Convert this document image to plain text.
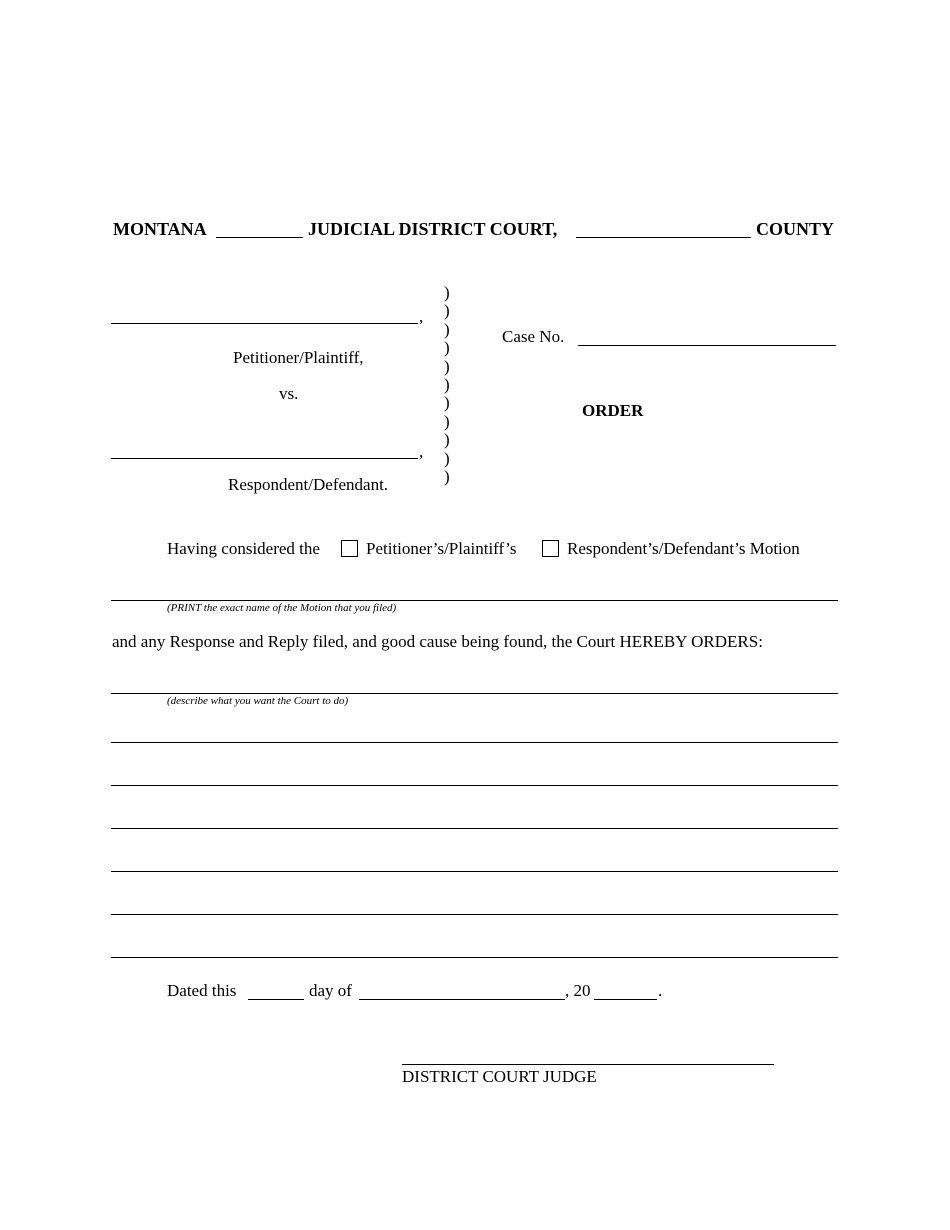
MONTANA	JUDICIAL DISTRICT COURT,	COUNTY
,
Petitioner/Plaintiff,
vs.
,
Respondent/Defendant.
)
)
)
)
)
)
)
)
)
)
)
Case No.
ORDER
Having considered the	Petitioner’s/Plaintiff’s	Respondent’s/Defendant’s Motion
(PRINT the exact name of the Motion that you filed)
and any Response and Reply filed, and good cause being found, the Court HEREBY ORDERS:
(describe what you want the Court to do)
Dated this	day of	, 20	.
DISTRICT COURT JUDGE
